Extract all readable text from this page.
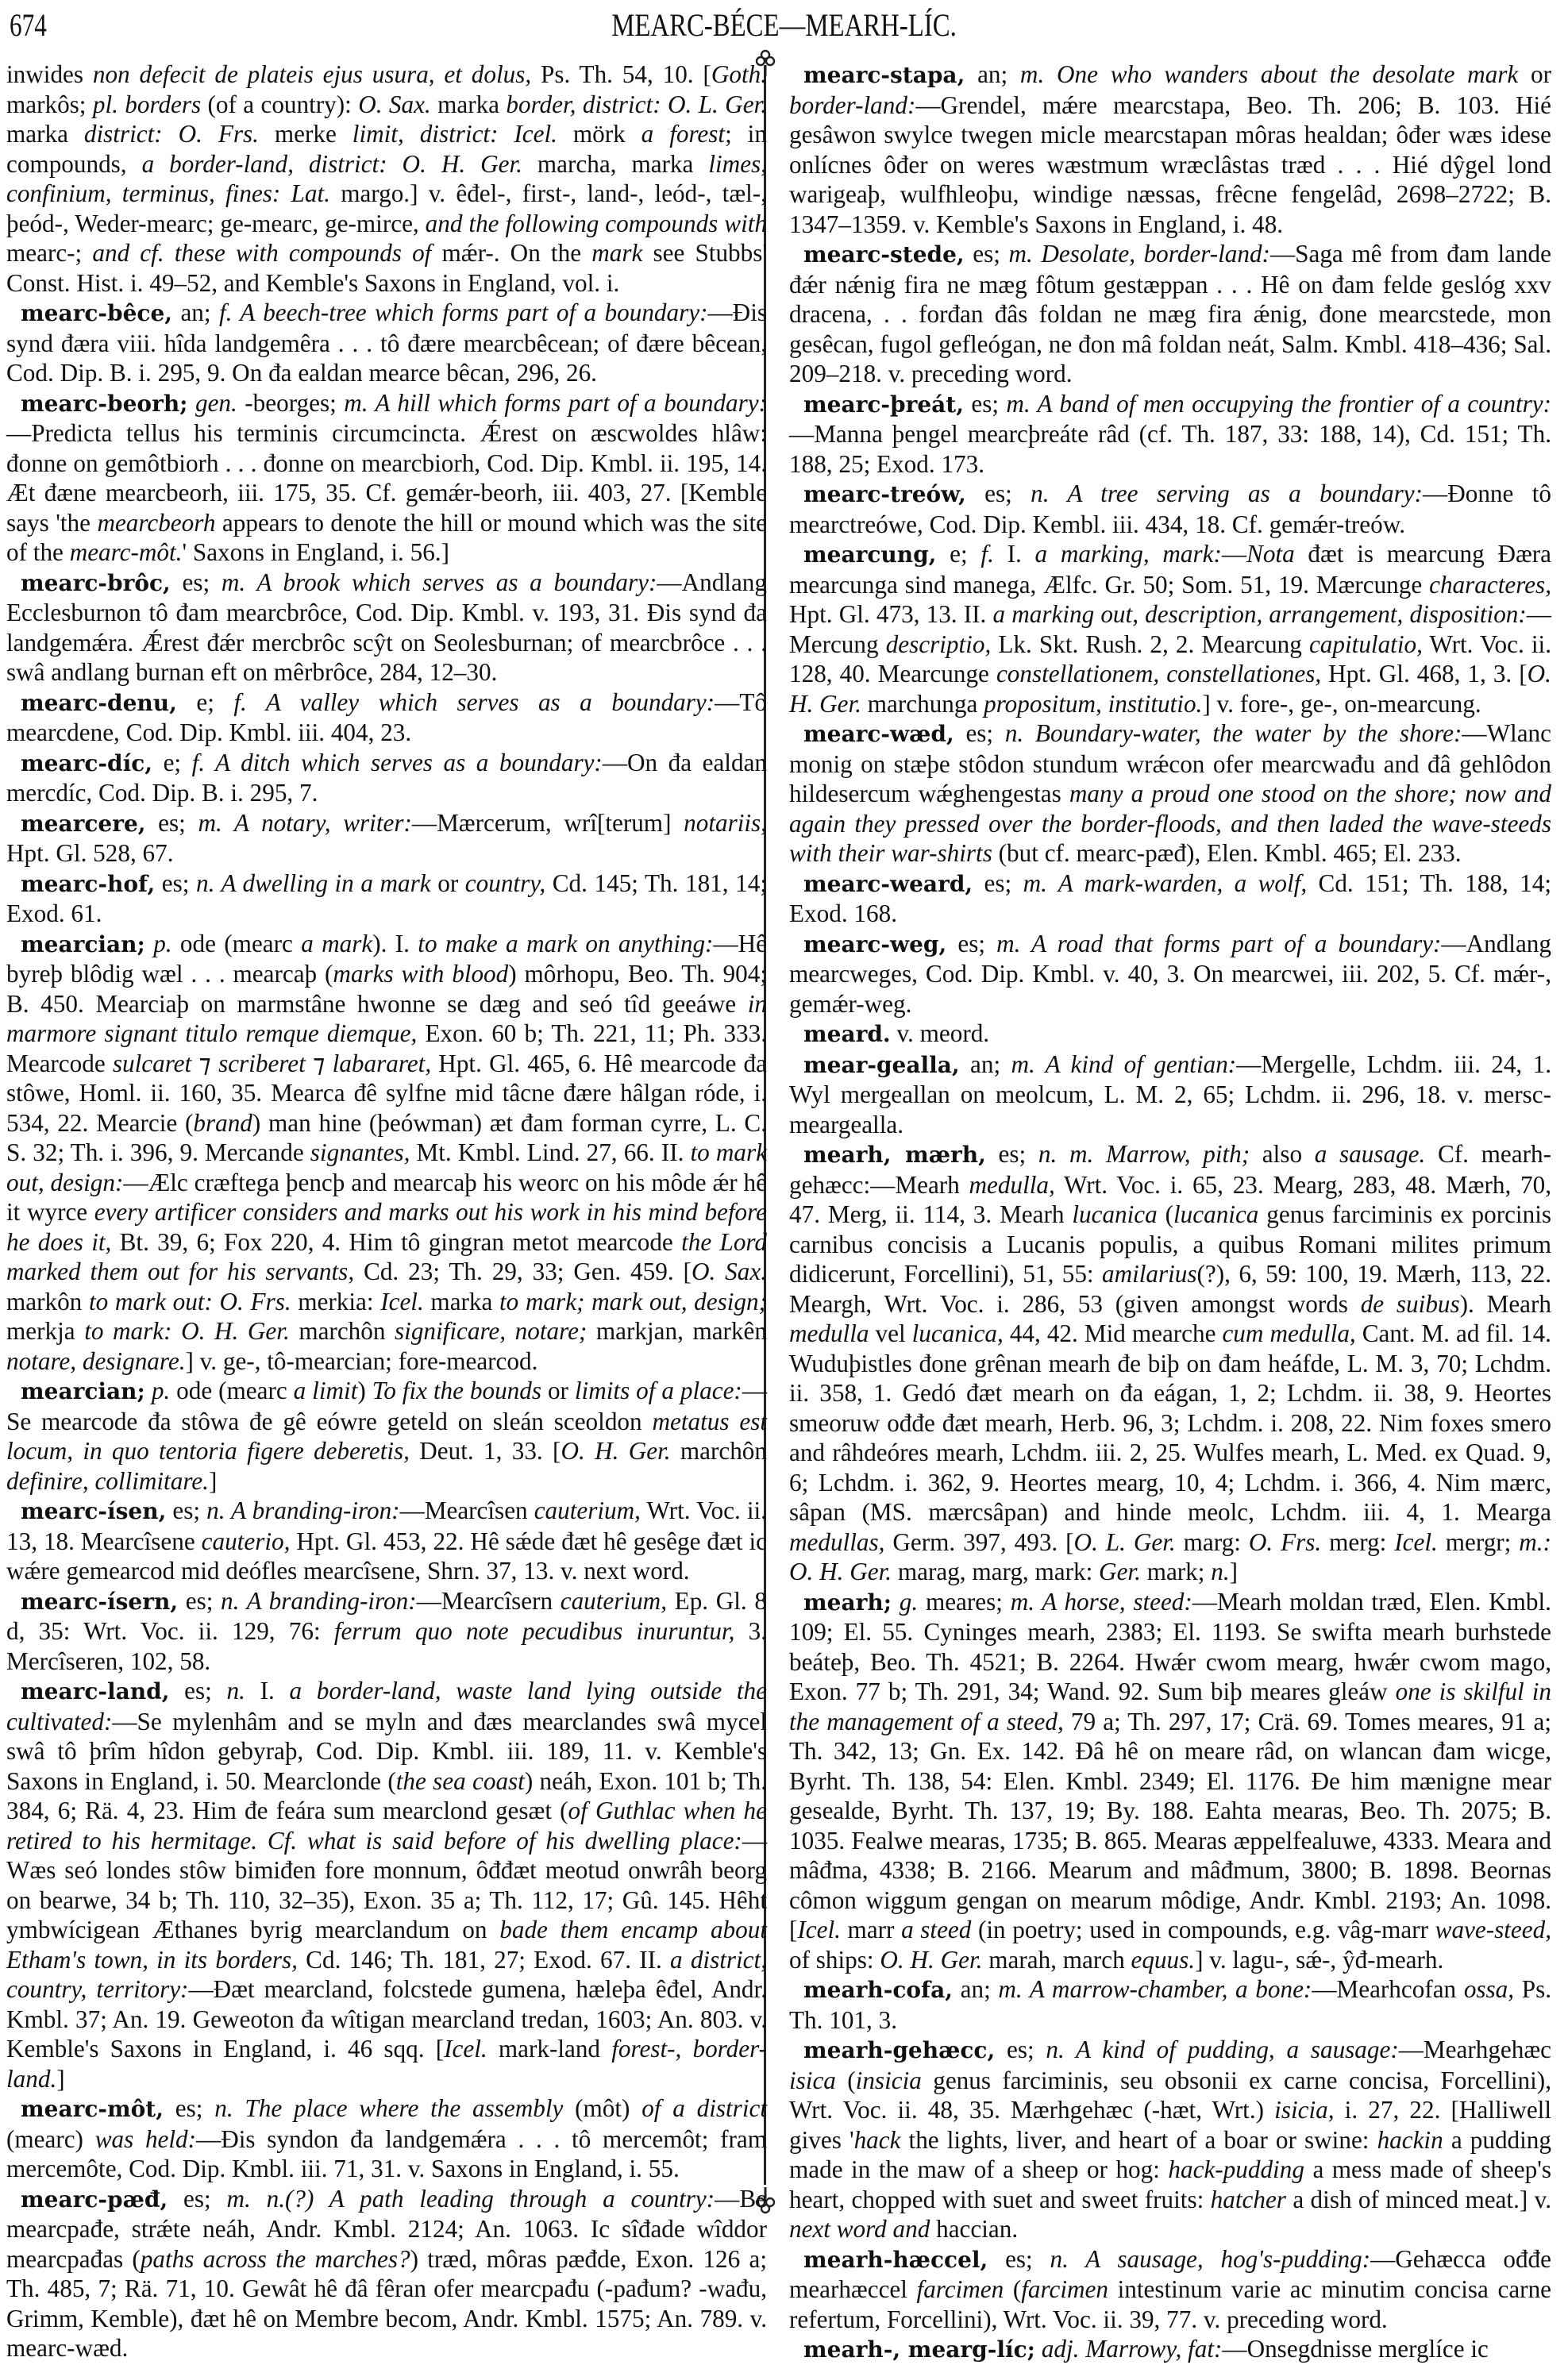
674	MEARC-BÉCE—MEARH-LÍC.

inwides non defecit de plateis ejus usura, et dolus, Ps. Th. 54, 10. [Goth. markôs; pl. borders (of a country): O. Sax. marka border, district: O. L. Ger. marka district: O. Frs. merke limit, district: Icel. mörk a forest; in compounds, a border-land, district: O. H. Ger. marcha, marka limes, confinium, terminus, fines: Lat. margo.] v. êđel-, first-, land-, leód-, tæl-, þeód-, Weder-mearc; ge-mearc, ge-mirce, and the following compounds with mearc-; and cf. these with compounds of mǽr-. On the mark see Stubbs' Const. Hist. i. 49–52, and Kemble's Saxons in England, vol. i.

mearc-bêce, an; f. A beech-tree which forms part of a boundary:—Đis synd đæra viii. hîda landgemêra . . . tô đære mearcbêcean; of đære bêcean, Cod. Dip. B. i. 295, 9. On đa ealdan mearce bêcan, 296, 26.

mearc-beorh; gen. -beorges; m. A hill which forms part of a boundary:—Predicta tellus his terminis circumcincta. Ǽrest on æscwoldes hlâw: đonne on gemôtbiorh . . . đonne on mearcbiorh, Cod. Dip. Kmbl. ii. 195, 14. Æt đæne mearcbeorh, iii. 175, 35. Cf. gemǽr-beorh, iii. 403, 27. [Kemble says 'the mearcbeorh appears to denote the hill or mound which was the site of the mearc-môt.' Saxons in England, i. 56.]

mearc-brôc, es; m. A brook which serves as a boundary:—Andlang Ecclesburnon tô đam mearcbrôce, Cod. Dip. Kmbl. v. 193, 31. Đis synd đa landgemǽra. Ǽrest đǽr mercbrôc scŷt on Seolesburnan; of mearcbrôce . . . swâ andlang burnan eft on mêrbrôce, 284, 12–30.

mearc-denu, e; f. A valley which serves as a boundary:—Tô mearcdene, Cod. Dip. Kmbl. iii. 404, 23.

mearc-díc, e; f. A ditch which serves as a boundary:—On đa ealdan mercdíc, Cod. Dip. B. i. 295, 7.

mearcere, es; m. A notary, writer:—Mærcerum, wrî[terum] notariis, Hpt. Gl. 528, 67.

mearc-hof, es; n. A dwelling in a mark or country, Cd. 145; Th. 181, 14; Exod. 61.

mearcian; p. ode (mearc a mark). I. to make a mark on anything:—Hê byreþ blôdig wæl . . . mearcaþ (marks with blood) môrhopu, Beo. Th. 904; B. 450. Mearciaþ on marmstâne hwonne se dæg and seó tîd geeáwe in marmore signant titulo remque diemque, Exon. 60 b; Th. 221, 11; Ph. 333. Mearcode sulcaret ⁊ scriberet ⁊ labararet, Hpt. Gl. 465, 6. Hê mearcode đa stôwe, Homl. ii. 160, 35. Mearca đê sylfne mid tâcne đære hâlgan róde, i. 534, 22. Mearcie (brand) man hine (þeówman) æt đam forman cyrre, L. C. S. 32; Th. i. 396, 9. Mercande signantes, Mt. Kmbl. Lind. 27, 66. II. to mark out, design:—Ælc cræftega þencþ and mearcaþ his weorc on his môde ǽr hê it wyrce every artificer considers and marks out his work in his mind before he does it, Bt. 39, 6; Fox 220, 4. Him tô gingran metot mearcode the Lord marked them out for his servants, Cd. 23; Th. 29, 33; Gen. 459. [O. Sax. markôn to mark out: O. Frs. merkia: Icel. marka to mark; mark out, design; merkja to mark: O. H. Ger. marchôn significare, notare; markjan, markên notare, designare.] v. ge-, tô-mearcian; fore-mearcod.

mearcian; p. ode (mearc a limit) To fix the bounds or limits of a place:—Se mearcode đa stôwa đe gê eówre geteld on sleán sceoldon metatus est locum, in quo tentoria figere deberetis, Deut. 1, 33. [O. H. Ger. marchôn definire, collimitare.]

mearc-ísen, es; n. A branding-iron:—Mearcîsen cauterium, Wrt. Voc. ii. 13, 18. Mearcîsene cauterio, Hpt. Gl. 453, 22. Hê sǽde đæt hê gesêge đæt ic wǽre gemearcod mid deófles mearcîsene, Shrn. 37, 13. v. next word.

mearc-ísern, es; n. A branding-iron:—Mearcîsern cauterium, Ep. Gl. 8 d, 35: Wrt. Voc. ii. 129, 76: ferrum quo note pecudibus inuruntur, 3. Mercîseren, 102, 58.

mearc-land, es; n. I. a border-land, waste land lying outside the cultivated:—Se mylenhâm and se myln and đæs mearclandes swâ mycel swâ tô þrîm hîdon gebyraþ, Cod. Dip. Kmbl. iii. 189, 11. v. Kemble's Saxons in England, i. 50. Mearclonde (the sea coast) neáh, Exon. 101 b; Th. 384, 6; Rä. 4, 23. Him đe feára sum mearclond gesæt (of Guthlac when he retired to his hermitage. Cf. what is said before of his dwelling place:—Wæs seó londes stôw bimiđen fore monnum, ôđđæt meotud onwrâh beorg on bearwe, 34 b; Th. 110, 32–35), Exon. 35 a; Th. 112, 17; Gû. 145. Hêht ymbwícigean Æthanes byrig mearclandum on bade them encamp about Etham's town, in its borders, Cd. 146; Th. 181, 27; Exod. 67. II. a district, country, territory:—Đæt mearcland, folcstede gumena, hæleþa êđel, Andr. Kmbl. 37; An. 19. Geweoton đa wîtigan mearcland tredan, 1603; An. 803. v. Kemble's Saxons in England, i. 46 sqq. [Icel. mark-land forest-, border-land.]

mearc-môt, es; n. The place where the assembly (môt) of a district (mearc) was held:—Đis syndon đa landgemǽra . . . tô mercemôt; fram mercemôte, Cod. Dip. Kmbl. iii. 71, 31. v. Saxons in England, i. 55.

mearc-pæđ, es; m. n.(?) A path leading through a country:—Be mearcpađe, strǽte neáh, Andr. Kmbl. 2124; An. 1063. Ic sîđade wîddor mearcpađas (paths across the marches?) træd, môras pæđde, Exon. 126 a; Th. 485, 7; Rä. 71, 10. Gewât hê đâ fêran ofer mearcpađu (-pađum? -wađu, Grimm, Kemble), đæt hê on Membre becom, Andr. Kmbl. 1575; An. 789. v. mearc-wæd.

mearc-stapa, an; m. One who wanders about the desolate mark or border-land:—Grendel, mǽre mearcstapa, Beo. Th. 206; B. 103. Hié gesâwon swylce twegen micle mearcstapan môras healdan; ôđer wæs idese onlícnes ôđer on weres wæstmum wræclâstas træd . . . Hié dŷgel lond warigeaþ, wulfhleoþu, windige næssas, frêcne fengelâd, 2698–2722; B. 1347–1359. v. Kemble's Saxons in England, i. 48.

mearc-stede, es; m. Desolate, border-land:—Saga mê from đam lande đǽr nǽnig fira ne mæg fôtum gestæppan . . . Hê on đam felde geslóg xxv dracena, . . forđan đâs foldan ne mæg fira ǽnig, đone mearcstede, mon gesêcan, fugol gefleógan, ne đon mâ foldan neát, Salm. Kmbl. 418–436; Sal. 209–218. v. preceding word.

mearc-þreát, es; m. A band of men occupying the frontier of a country:—Manna þengel mearcþreáte râd (cf. Th. 187, 33: 188, 14), Cd. 151; Th. 188, 25; Exod. 173.

mearc-treów, es; n. A tree serving as a boundary:—Đonne tô mearctreówe, Cod. Dip. Kembl. iii. 434, 18. Cf. gemǽr-treów.

mearcung, e; f. I. a marking, mark:—Nota đæt is mearcung Đæra mearcunga sind manega, Ælfc. Gr. 50; Som. 51, 19. Mærcunge characteres, Hpt. Gl. 473, 13. II. a marking out, description, arrangement, disposition:—Mercung descriptio, Lk. Skt. Rush. 2, 2. Mearcung capitulatio, Wrt. Voc. ii. 128, 40. Mearcunge constellationem, constellationes, Hpt. Gl. 468, 1, 3. [O. H. Ger. marchunga propositum, institutio.] v. fore-, ge-, on-mearcung.

mearc-wæd, es; n. Boundary-water, the water by the shore:—Wlanc monig on stæþe stôdon stundum wrǽcon ofer mearcwađu and đâ gehlôdon hildesercum wǽghengestas many a proud one stood on the shore; now and again they pressed over the border-floods, and then laded the wave-steeds with their war-shirts (but cf. mearc-pæđ), Elen. Kmbl. 465; El. 233.

mearc-weard, es; m. A mark-warden, a wolf, Cd. 151; Th. 188, 14; Exod. 168.

mearc-weg, es; m. A road that forms part of a boundary:—Andlang mearcweges, Cod. Dip. Kmbl. v. 40, 3. On mearcwei, iii. 202, 5. Cf. mǽr-, gemǽr-weg.

meard. v. meord.

mear-gealla, an; m. A kind of gentian:—Mergelle, Lchdm. iii. 24, 1. Wyl mergeallan on meolcum, L. M. 2, 65; Lchdm. ii. 296, 18. v. mersc-meargealla.

mearh, mærh, es; n. m. Marrow, pith; also a sausage. Cf. mearh-gehæcc:—Mearh medulla, Wrt. Voc. i. 65, 23. Mearg, 283, 48. Mærh, 70, 47. Merg, ii. 114, 3. Mearh lucanica (lucanica genus farciminis ex porcinis carnibus concisis a Lucanis populis, a quibus Romani milites primum didicerunt, Forcellini), 51, 55: amilarius(?), 6, 59: 100, 19. Mærh, 113, 22. Meargh, Wrt. Voc. i. 286, 53 (given amongst words de suibus). Mearh medulla vel lucanica, 44, 42. Mid mearche cum medulla, Cant. M. ad fil. 14. Wuduþistles đone grênan mearh đe biþ on đam heáfde, L. M. 3, 70; Lchdm. ii. 358, 1. Gedó đæt mearh on đa eágan, 1, 2; Lchdm. ii. 38, 9. Heortes smeoruw ođđe đæt mearh, Herb. 96, 3; Lchdm. i. 208, 22. Nim foxes smero and râhdeóres mearh, Lchdm. iii. 2, 25. Wulfes mearh, L. Med. ex Quad. 9, 6; Lchdm. i. 362, 9. Heortes mearg, 10, 4; Lchdm. i. 366, 4. Nim mærc, sâpan (MS. mærcsâpan) and hinde meolc, Lchdm. iii. 4, 1. Mearga medullas, Germ. 397, 493. [O. L. Ger. marg: O. Frs. merg: Icel. mergr; m.: O. H. Ger. marag, marg, mark: Ger. mark; n.]

mearh; g. meares; m. A horse, steed:—Mearh moldan træd, Elen. Kmbl. 109; El. 55. Cyninges mearh, 2383; El. 1193. Se swifta mearh burhstede beáteþ, Beo. Th. 4521; B. 2264. Hwǽr cwom mearg, hwǽr cwom mago, Exon. 77 b; Th. 291, 34; Wand. 92. Sum biþ meares gleáw one is skilful in the management of a steed, 79 a; Th. 297, 17; Crä. 69. Tomes meares, 91 a; Th. 342, 13; Gn. Ex. 142. Đâ hê on meare râd, on wlancan đam wicge, Byrht. Th. 138, 54: Elen. Kmbl. 2349; El. 1176. Đe him mænigne mear gesealde, Byrht. Th. 137, 19; By. 188. Eahta mearas, Beo. Th. 2075; B. 1035. Fealwe mearas, 1735; B. 865. Mearas æppelfealuwe, 4333. Meara and mâđma, 4338; B. 2166. Mearum and mâđmum, 3800; B. 1898. Beornas cômon wiggum gengan on mearum môdige, Andr. Kmbl. 2193; An. 1098. [Icel. marr a steed (in poetry; used in compounds, e.g. vâg-marr wave-steed, of ships: O. H. Ger. marah, march equus.] v. lagu-, sǽ-, ŷđ-mearh.

mearh-cofa, an; m. A marrow-chamber, a bone:—Mearhcofan ossa, Ps. Th. 101, 3.

mearh-gehæcc, es; n. A kind of pudding, a sausage:—Mearhgehæc isica (insicia genus farciminis, seu obsonii ex carne concisa, Forcellini), Wrt. Voc. ii. 48, 35. Mærhgehæc (-hæt, Wrt.) isicia, i. 27, 22. [Halliwell gives 'hack the lights, liver, and heart of a boar or swine: hackin a pudding made in the maw of a sheep or hog: hack-pudding a mess made of sheep's heart, chopped with suet and sweet fruits: hatcher a dish of minced meat.] v. next word and haccian.

mearh-hæccel, es; n. A sausage, hog's-pudding:—Gehæcca ođđe mearhæccel farcimen (farcimen intestinum varie ac minutim concisa carne refertum, Forcellini), Wrt. Voc. ii. 39, 77. v. preceding word.

mearh-, mearg-líc; adj. Marrowy, fat:—Onsegdnisse merglíce ic
